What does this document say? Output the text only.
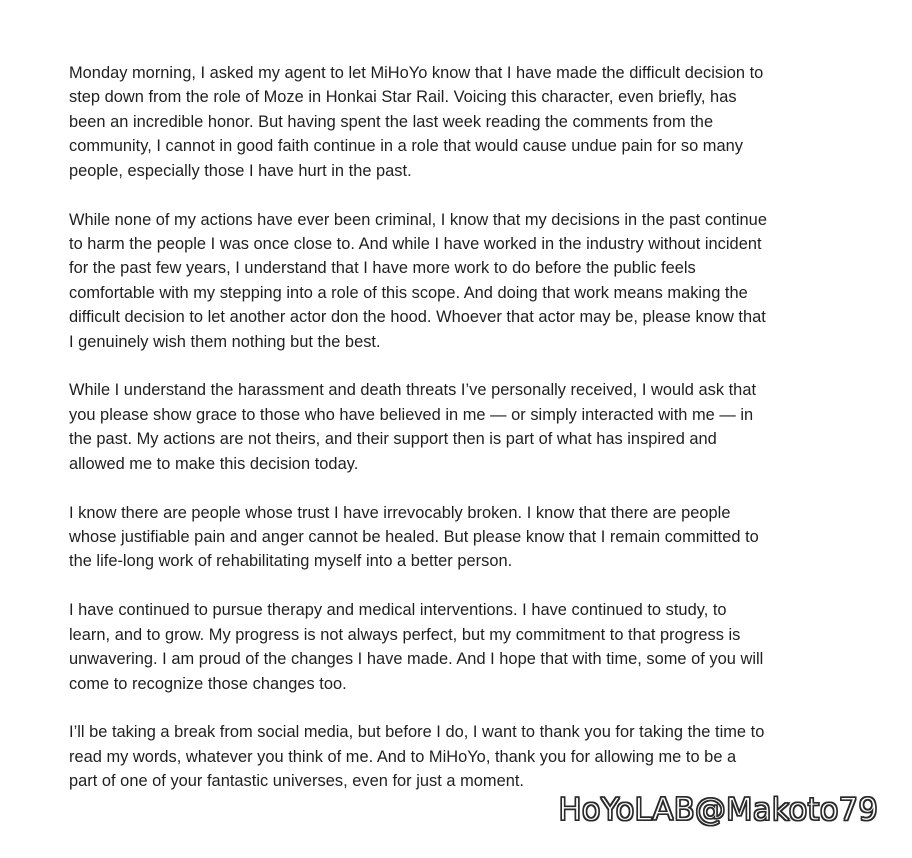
Monday morning, I asked my agent to let MiHoYo know that I have made the difficult decision to
step down from the role of Moze in Honkai Star Rail. Voicing this character, even briefly, has
been an incredible honor. But having spent the last week reading the comments from the
community, I cannot in good faith continue in a role that would cause undue pain for so many
people, especially those I have hurt in the past.

While none of my actions have ever been criminal, I know that my decisions in the past continue
to harm the people I was once close to. And while I have worked in the industry without incident
for the past few years, I understand that I have more work to do before the public feels
comfortable with my stepping into a role of this scope. And doing that work means making the
difficult decision to let another actor don the hood. Whoever that actor may be, please know that
I genuinely wish them nothing but the best.

While I understand the harassment and death threats I’ve personally received, I would ask that
you please show grace to those who have believed in me — or simply interacted with me — in
the past. My actions are not theirs, and their support then is part of what has inspired and
allowed me to make this decision today.

I know there are people whose trust I have irrevocably broken. I know that there are people
whose justifiable pain and anger cannot be healed. But please know that I remain committed to
the life-long work of rehabilitating myself into a better person.

I have continued to pursue therapy and medical interventions. I have continued to study, to
learn, and to grow. My progress is not always perfect, but my commitment to that progress is
unwavering. I am proud of the changes I have made. And I hope that with time, some of you will
come to recognize those changes too.

I’ll be taking a break from social media, but before I do, I want to thank you for taking the time to
read my words, whatever you think of me. And to MiHoYo, thank you for allowing me to be a
part of one of your fantastic universes, even for just a moment.

HoYoLAB@Makoto79
